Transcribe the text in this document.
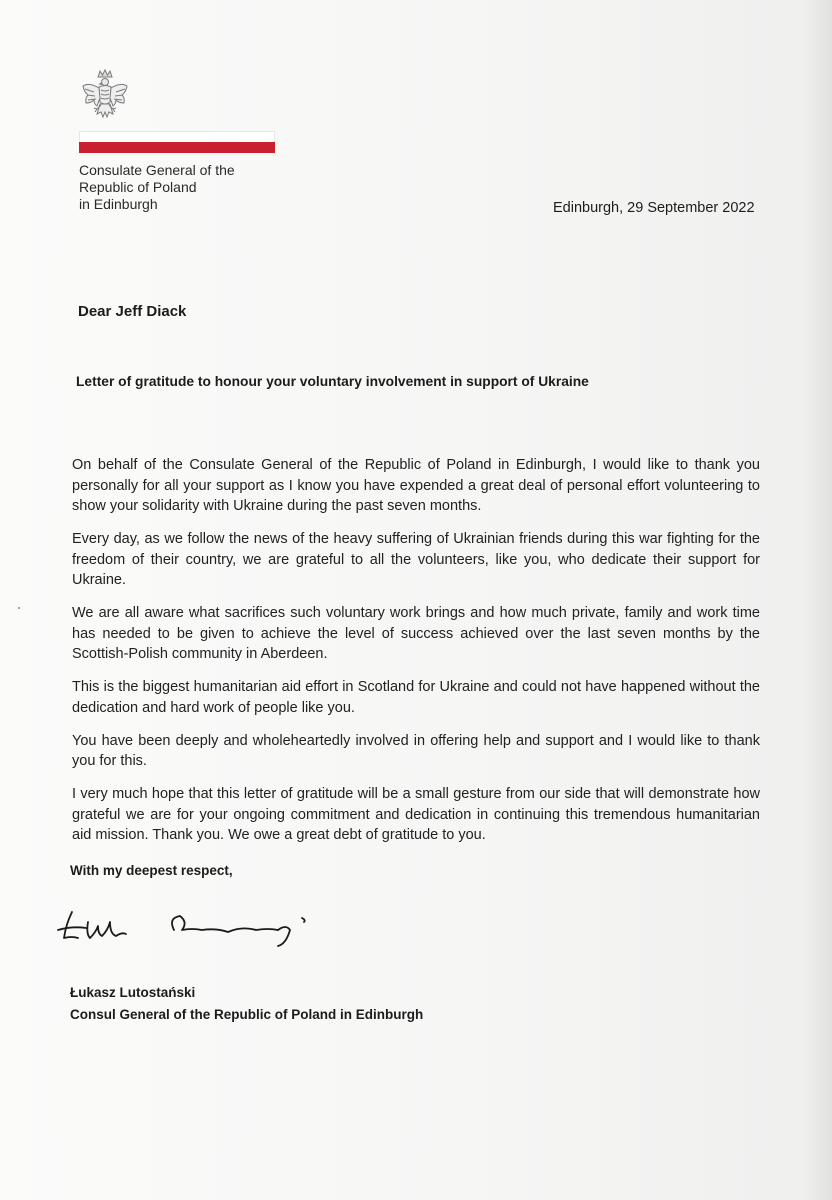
Consulate General of the
Republic of Poland
in Edinburgh	Edinburgh, 29 September 2022
Dear Jeff Diack
Letter of gratitude to honour your voluntary involvement in support of Ukraine

On behalf of the Consulate General of the Republic of Poland in Edinburgh, I would like to thank you personally for all your support as I know you have expended a great deal of personal effort volunteering to show your solidarity with Ukraine during the past seven months.

Every day, as we follow the news of the heavy suffering of Ukrainian friends during this war fighting for the freedom of their country, we are grateful to all the volunteers, like you, who dedicate their support for Ukraine.

We are all aware what sacrifices such voluntary work brings and how much private, family and work time has needed to be given to achieve the level of success achieved over the last seven months by the Scottish-Polish community in Aberdeen.

This is the biggest humanitarian aid effort in Scotland for Ukraine and could not have happened without the dedication and hard work of people like you.

You have been deeply and wholeheartedly involved in offering help and support and I would like to thank you for this.

I very much hope that this letter of gratitude will be a small gesture from our side that will demonstrate how grateful we are for your ongoing commitment and dedication in continuing this tremendous humanitarian aid mission. Thank you. We owe a great debt of gratitude to you.

With my deepest respect,
Łukasz Lutostański
Consul General of the Republic of Poland in Edinburgh
